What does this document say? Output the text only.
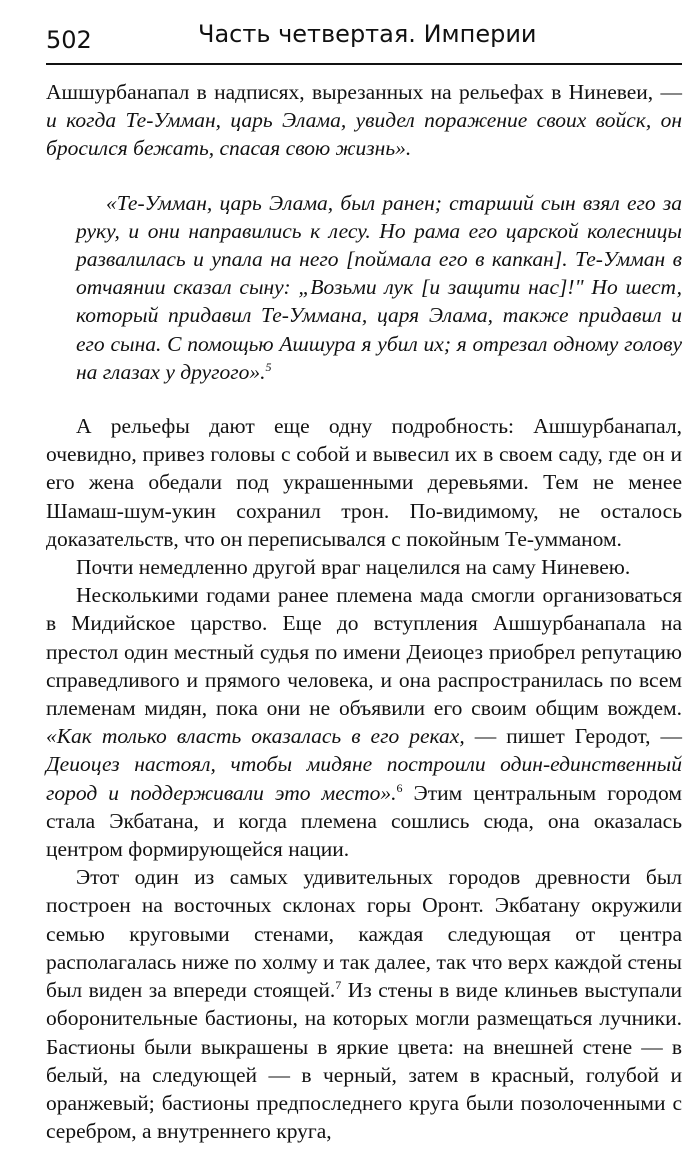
502	Часть четвертая. Империи

Ашшурбанапал в надписях, вырезанных на рельефах в Ниневеи, — и когда Те-Умман, царь Элама, увидел поражение своих войск, он бросился бежать, спасая свою жизнь».

«Те-Умман, царь Элама, был ранен; старший сын взял его за руку, и они направились к лесу. Но рама его царской колесницы развалилась и упала на него [поймала его в капкан]. Те-Умман в отчаянии сказал сыну: „Возьми лук [и защити нас]!" Но шест, который придавил Те-Уммана, царя Элама, также придавил и его сына. С помощью Ашшура я убил их; я отрезал одному голову на глазах у другого».$^5$

А рельефы дают еще одну подробность: Ашшурбанапал, очевидно, привез головы с собой и вывесил их в своем саду, где он и его жена обедали под украшенными деревьями. Тем не менее Шамаш-шум-укин сохранил трон. По-видимому, не осталось доказательств, что он переписывался с покойным Те-умманом.

Почти немедленно другой враг нацелился на саму Ниневею.

Несколькими годами ранее племена мада смогли организоваться в Мидийское царство. Еще до вступления Ашшурбанапала на престол один местный судья по имени Деиоцез приобрел репутацию справедливого и прямого человека, и она распространилась по всем племенам мидян, пока они не объявили его своим общим вождем. «Как только власть оказалась в его реках, — пишет Геродот, — Деиоцез настоял, чтобы мидяне построили один-единственный город и поддерживали это место».$^6$ Этим центральным городом стала Экбатана, и когда племена сошлись сюда, она оказалась центром формирующейся нации.

Этот один из самых удивительных городов древности был построен на восточных склонах горы Оронт. Экбатану окружили семью круговыми стенами, каждая следующая от центра располагалась ниже по холму и так далее, так что верх каждой стены был виден за впереди стоящей.$^7$ Из стены в виде клиньев выступали оборонительные бастионы, на которых могли размещаться лучники. Бастионы были выкрашены в яркие цвета: на внешней стене — в белый, на следующей — в черный, затем в красный, голубой и оранжевый; бастионы предпоследнего круга были позолоченными с серебром, а внутреннего круга,
